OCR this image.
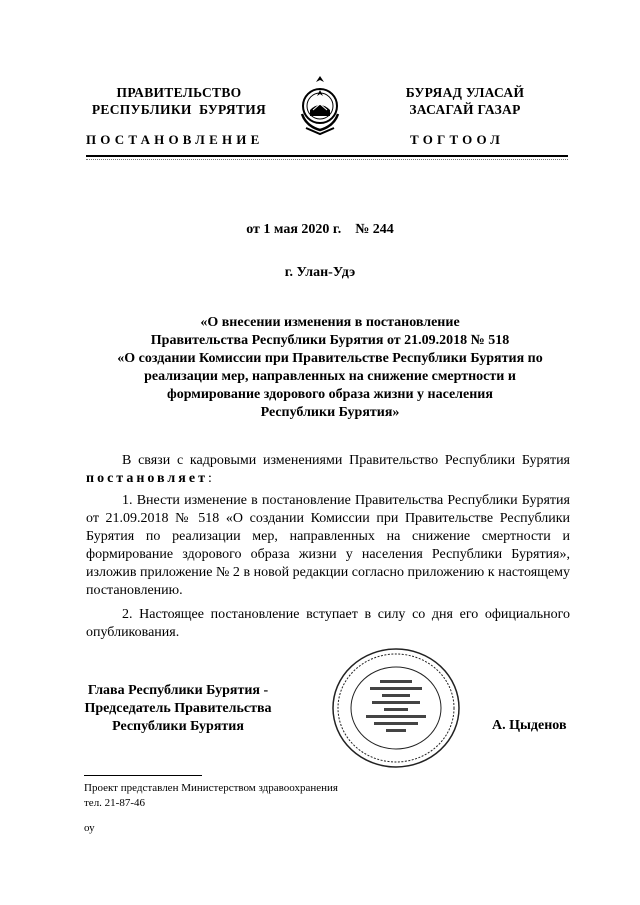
ПРАВИТЕЛЬСТВО
РЕСПУБЛИКИ  БУРЯТИЯ
БУРЯАД УЛАСАЙ
ЗАСАГАЙ ГАЗАР
ПОСТАНОВЛЕНИЕ	ТОГТООЛ
от 1 мая 2020 г. № 244
г. Улан-Удэ
«О внесении изменения в постановление
Правительства Республики Бурятия от 21.09.2018 № 518
«О создании Комиссии при Правительстве Республики Бурятия по
реализации мер, направленных на снижение смертности и
формирование здорового образа жизни у населения
Республики Бурятия»
В связи с кадровыми изменениями Правительство Республики Бурятия постановляет:
1. Внести изменение в постановление Правительства Республики Бурятия от 21.09.2018 № 518 «О создании Комиссии при Правительстве Республики Бурятия по реализации мер, направленных на снижение смертности и формирование здорового образа жизни у населения Республики Бурятия», изложив приложение № 2 в новой редакции согласно приложению к настоящему постановлению.
2. Настоящее постановление вступает в силу со дня его официального опубликования.
Глава Республики Бурятия -
Председатель Правительства
Республики Бурятия	А. Цыденов
Проект представлен Министерством здравоохранения
тел. 21-87-46
оу
